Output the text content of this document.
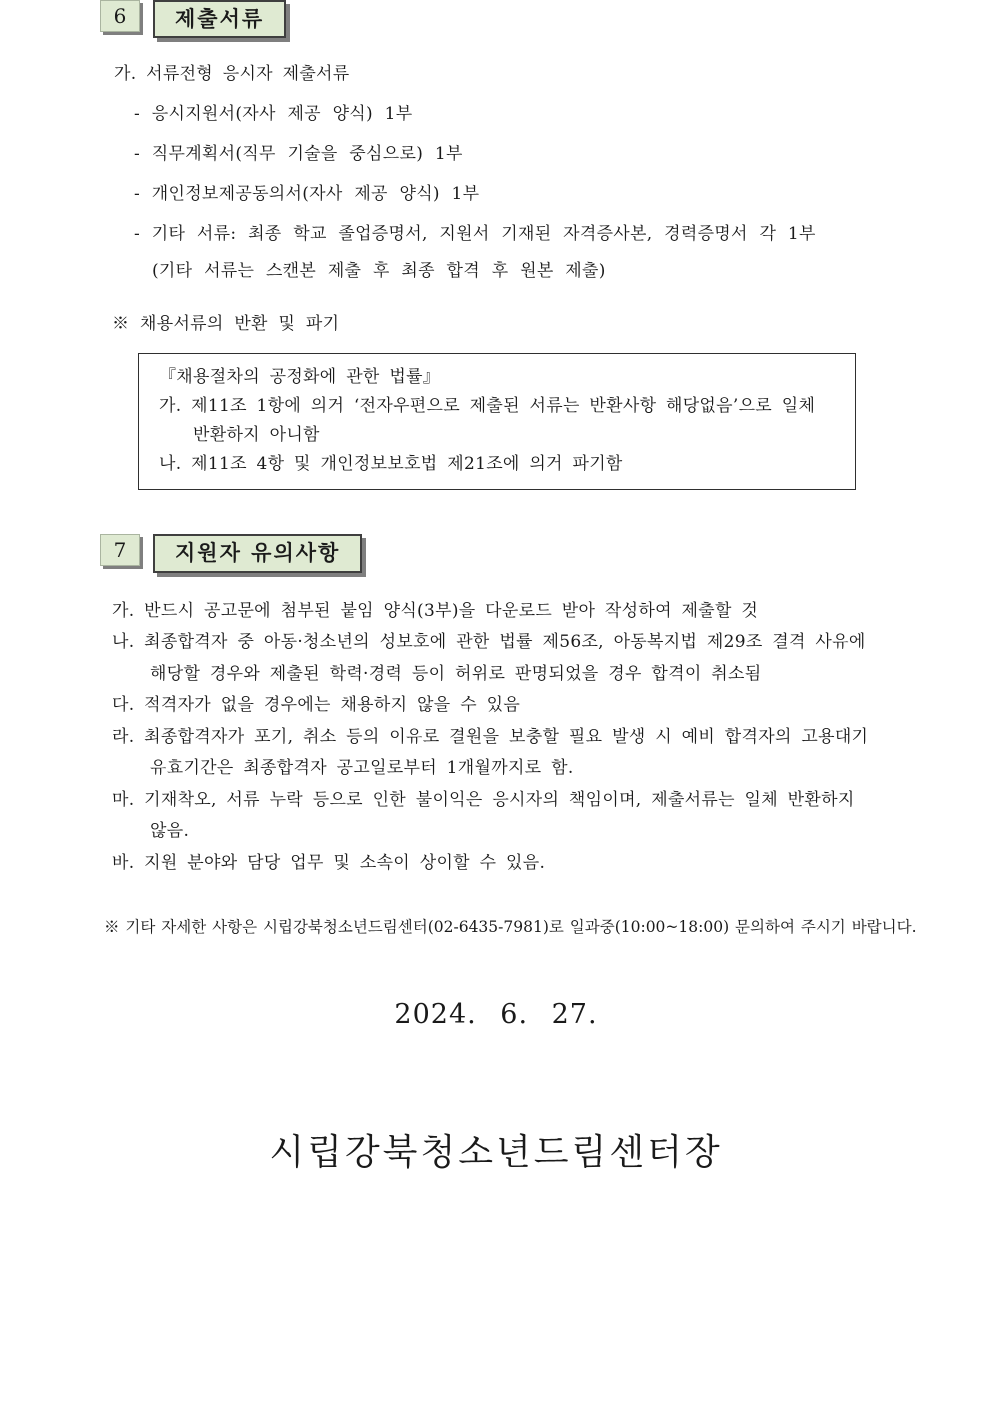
6	제출서류
가. 서류전형 응시자 제출서류
- 응시지원서(자사 제공 양식) 1부
- 직무계획서(직무 기술을 중심으로) 1부
- 개인정보제공동의서(자사 제공 양식) 1부
- 기타 서류: 최종 학교 졸업증명서, 지원서 기재된 자격증사본, 경력증명서 각 1부
(기타 서류는 스캔본 제출 후 최종 합격 후 원본 제출)
※ 채용서류의 반환 및 파기
『채용절차의 공정화에 관한 법률』
가. 제11조 1항에 의거 ‘전자우편으로 제출된 서류는 반환사항 해당없음’으로 일체
반환하지 아니함
나. 제11조 4항 및 개인정보보호법 제21조에 의거 파기함
7	지원자 유의사항
가. 반드시 공고문에 첨부된 붙임 양식(3부)을 다운로드 받아 작성하여 제출할 것
나. 최종합격자 중 아동·청소년의 성보호에 관한 법률 제56조, 아동복지법 제29조 결격 사유에
해당할 경우와 제출된 학력·경력 등이 허위로 판명되었을 경우 합격이 취소됨
다. 적격자가 없을 경우에는 채용하지 않을 수 있음
라. 최종합격자가 포기, 취소 등의 이유로 결원을 보충할 필요 발생 시 예비 합격자의 고용대기
유효기간은 최종합격자 공고일로부터 1개월까지로 함.
마. 기재착오, 서류 누락 등으로 인한 불이익은 응시자의 책임이며, 제출서류는 일체 반환하지
않음.
바. 지원 분야와 담당 업무 및 소속이 상이할 수 있음.
※ 기타 자세한 사항은 시립강북청소년드림센터(02-6435-7981)로 일과중(10:00~18:00) 문의하여 주시기 바랍니다.
2024. 6. 27.
시립강북청소년드림센터장
